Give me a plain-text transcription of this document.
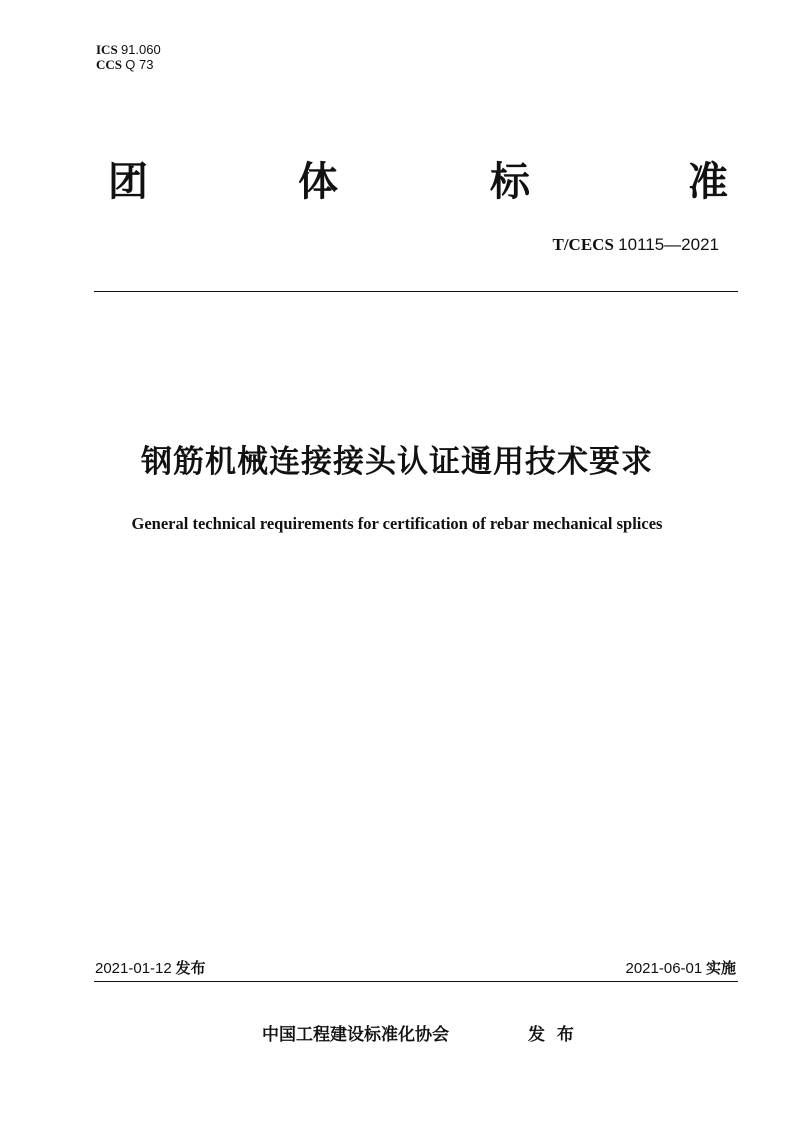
ICS 91.060
CCS Q 73
团	体	标	准
T/CECS 10115—2021
钢筋机械连接接头认证通用技术要求
General technical requirements for certification of rebar mechanical splices
2021-01-12 发布	2021-06-01 实施
中国工程建设标准化协会	发 布
